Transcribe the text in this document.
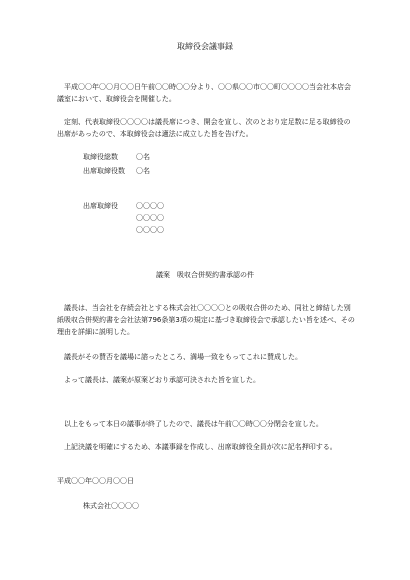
取締役会議事録

　平成〇〇年〇〇月〇〇日午前〇〇時〇〇分より、〇〇県〇〇市〇〇町〇〇〇〇当会社本店会議室において、取締役会を開催した。

　定刻、代表取締役〇〇〇〇は議長席につき、開会を宣し、次のとおり定足数に足る取締役の出席があったので、本取締役会は適法に成立した旨を告げた。

取締役総数	〇名
出席取締役数 〇名
出席取締役	〇〇〇〇
〇〇〇〇
〇〇〇〇
議案　吸収合併契約書承認の件

　議長は、当会社を存続会社とする株式会社〇〇〇〇との吸収合併のため、同社と締結した別紙吸収合併契約書を会社法第796条第3項の規定に基づき取締役会で承認したい旨を述べ、その理由を詳細に説明した。

　議長がその賛否を議場に諮ったところ、満場一致をもってこれに賛成した。

　よって議長は、議案が原案どおり承認可決された旨を宣した。

　以上をもって本日の議事が終了したので、議長は午前〇〇時〇〇分閉会を宣した。

　上記決議を明確にするため、本議事録を作成し、出席取締役全員が次に記名押印する。

平成〇〇年〇〇月〇〇日
株式会社〇〇〇〇
